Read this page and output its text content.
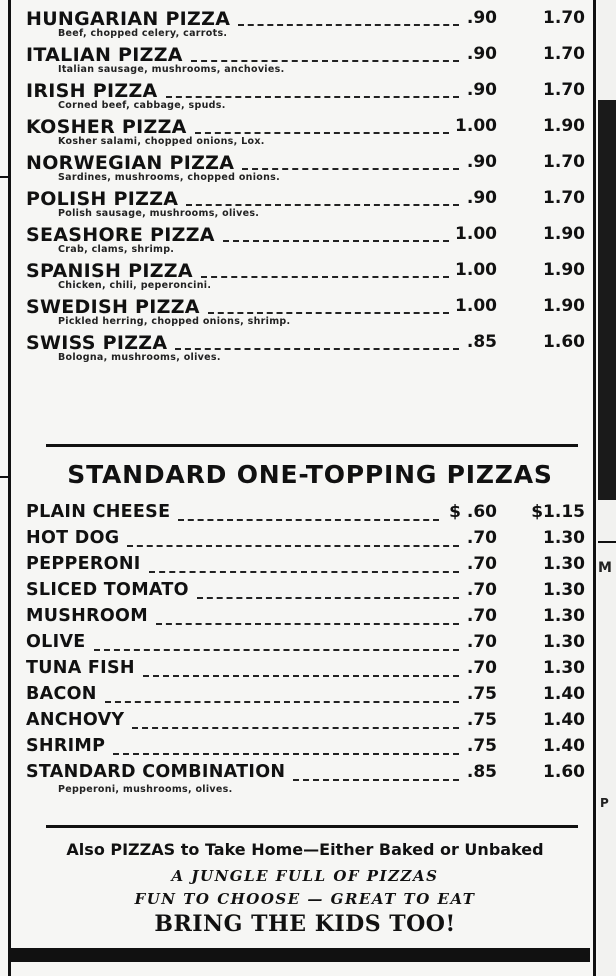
M
P
HUNGARIAN PIZZA	.90	1.70
Beef, chopped celery, carrots.
ITALIAN PIZZA	.90	1.70
Italian sausage, mushrooms, anchovies.
IRISH PIZZA	.90	1.70
Corned beef, cabbage, spuds.
KOSHER PIZZA	1.00	1.90
Kosher salami, chopped onions, Lox.
NORWEGIAN PIZZA	.90	1.70
Sardines, mushrooms, chopped onions.
POLISH PIZZA	.90	1.70
Polish sausage, mushrooms, olives.
SEASHORE PIZZA	1.00	1.90
Crab, clams, shrimp.
SPANISH PIZZA	1.00	1.90
Chicken, chili, peperoncini.
SWEDISH PIZZA	1.00	1.90
Pickled herring, chopped onions, shrimp.
SWISS PIZZA	.85	1.60
Bologna, mushrooms, olives.
STANDARD ONE-TOPPING PIZZAS
PLAIN CHEESE	$ .60	$1.15
HOT DOG	.70	1.30
PEPPERONI	.70	1.30
SLICED TOMATO	.70	1.30
MUSHROOM	.70	1.30
OLIVE	.70	1.30
TUNA FISH	.70	1.30
BACON	.75	1.40
ANCHOVY	.75	1.40
SHRIMP	.75	1.40
STANDARD COMBINATION	.85	1.60
Pepperoni, mushrooms, olives.
Also PIZZAS to Take Home—Either Baked or Unbaked
A JUNGLE FULL OF PIZZAS
FUN TO CHOOSE — GREAT TO EAT
BRING THE KIDS TOO!
